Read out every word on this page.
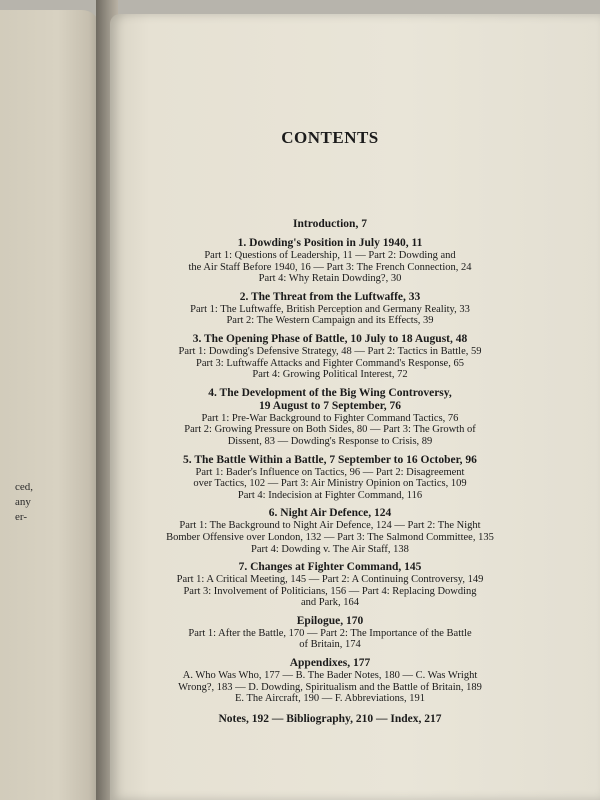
ced,
any
er-
CONTENTS
Introduction, 7
1. Dowding's Position in July 1940, 11
Part 1: Questions of Leadership, 11 — Part 2: Dowding and
the Air Staff Before 1940, 16 — Part 3: The French Connection, 24
Part 4: Why Retain Dowding?, 30
2. The Threat from the Luftwaffe, 33
Part 1: The Luftwaffe, British Perception and Germany Reality, 33
Part 2: The Western Campaign and its Effects, 39
3. The Opening Phase of Battle, 10 July to 18 August, 48
Part 1: Dowding's Defensive Strategy, 48 — Part 2: Tactics in Battle, 59
Part 3: Luftwaffe Attacks and Fighter Command's Response, 65
Part 4: Growing Political Interest, 72
4. The Development of the Big Wing Controversy,
19 August to 7 September, 76
Part 1: Pre-War Background to Fighter Command Tactics, 76
Part 2: Growing Pressure on Both Sides, 80 — Part 3: The Growth of
Dissent, 83 — Dowding's Response to Crisis, 89
5. The Battle Within a Battle, 7 September to 16 October, 96
Part 1: Bader's Influence on Tactics, 96 — Part 2: Disagreement
over Tactics, 102 — Part 3: Air Ministry Opinion on Tactics, 109
Part 4: Indecision at Fighter Command, 116
6. Night Air Defence, 124
Part 1: The Background to Night Air Defence, 124 — Part 2: The Night
Bomber Offensive over London, 132 — Part 3: The Salmond Committee, 135
Part 4: Dowding v. The Air Staff, 138
7. Changes at Fighter Command, 145
Part 1: A Critical Meeting, 145 — Part 2: A Continuing Controversy, 149
Part 3: Involvement of Politicians, 156 — Part 4: Replacing Dowding
and Park, 164
Epilogue, 170
Part 1: After the Battle, 170 — Part 2: The Importance of the Battle
of Britain, 174
Appendixes, 177
A. Who Was Who, 177 — B. The Bader Notes, 180 — C. Was Wright
Wrong?, 183 — D. Dowding, Spiritualism and the Battle of Britain, 189
E. The Aircraft, 190 — F. Abbreviations, 191
Notes, 192 — Bibliography, 210 — Index, 217
